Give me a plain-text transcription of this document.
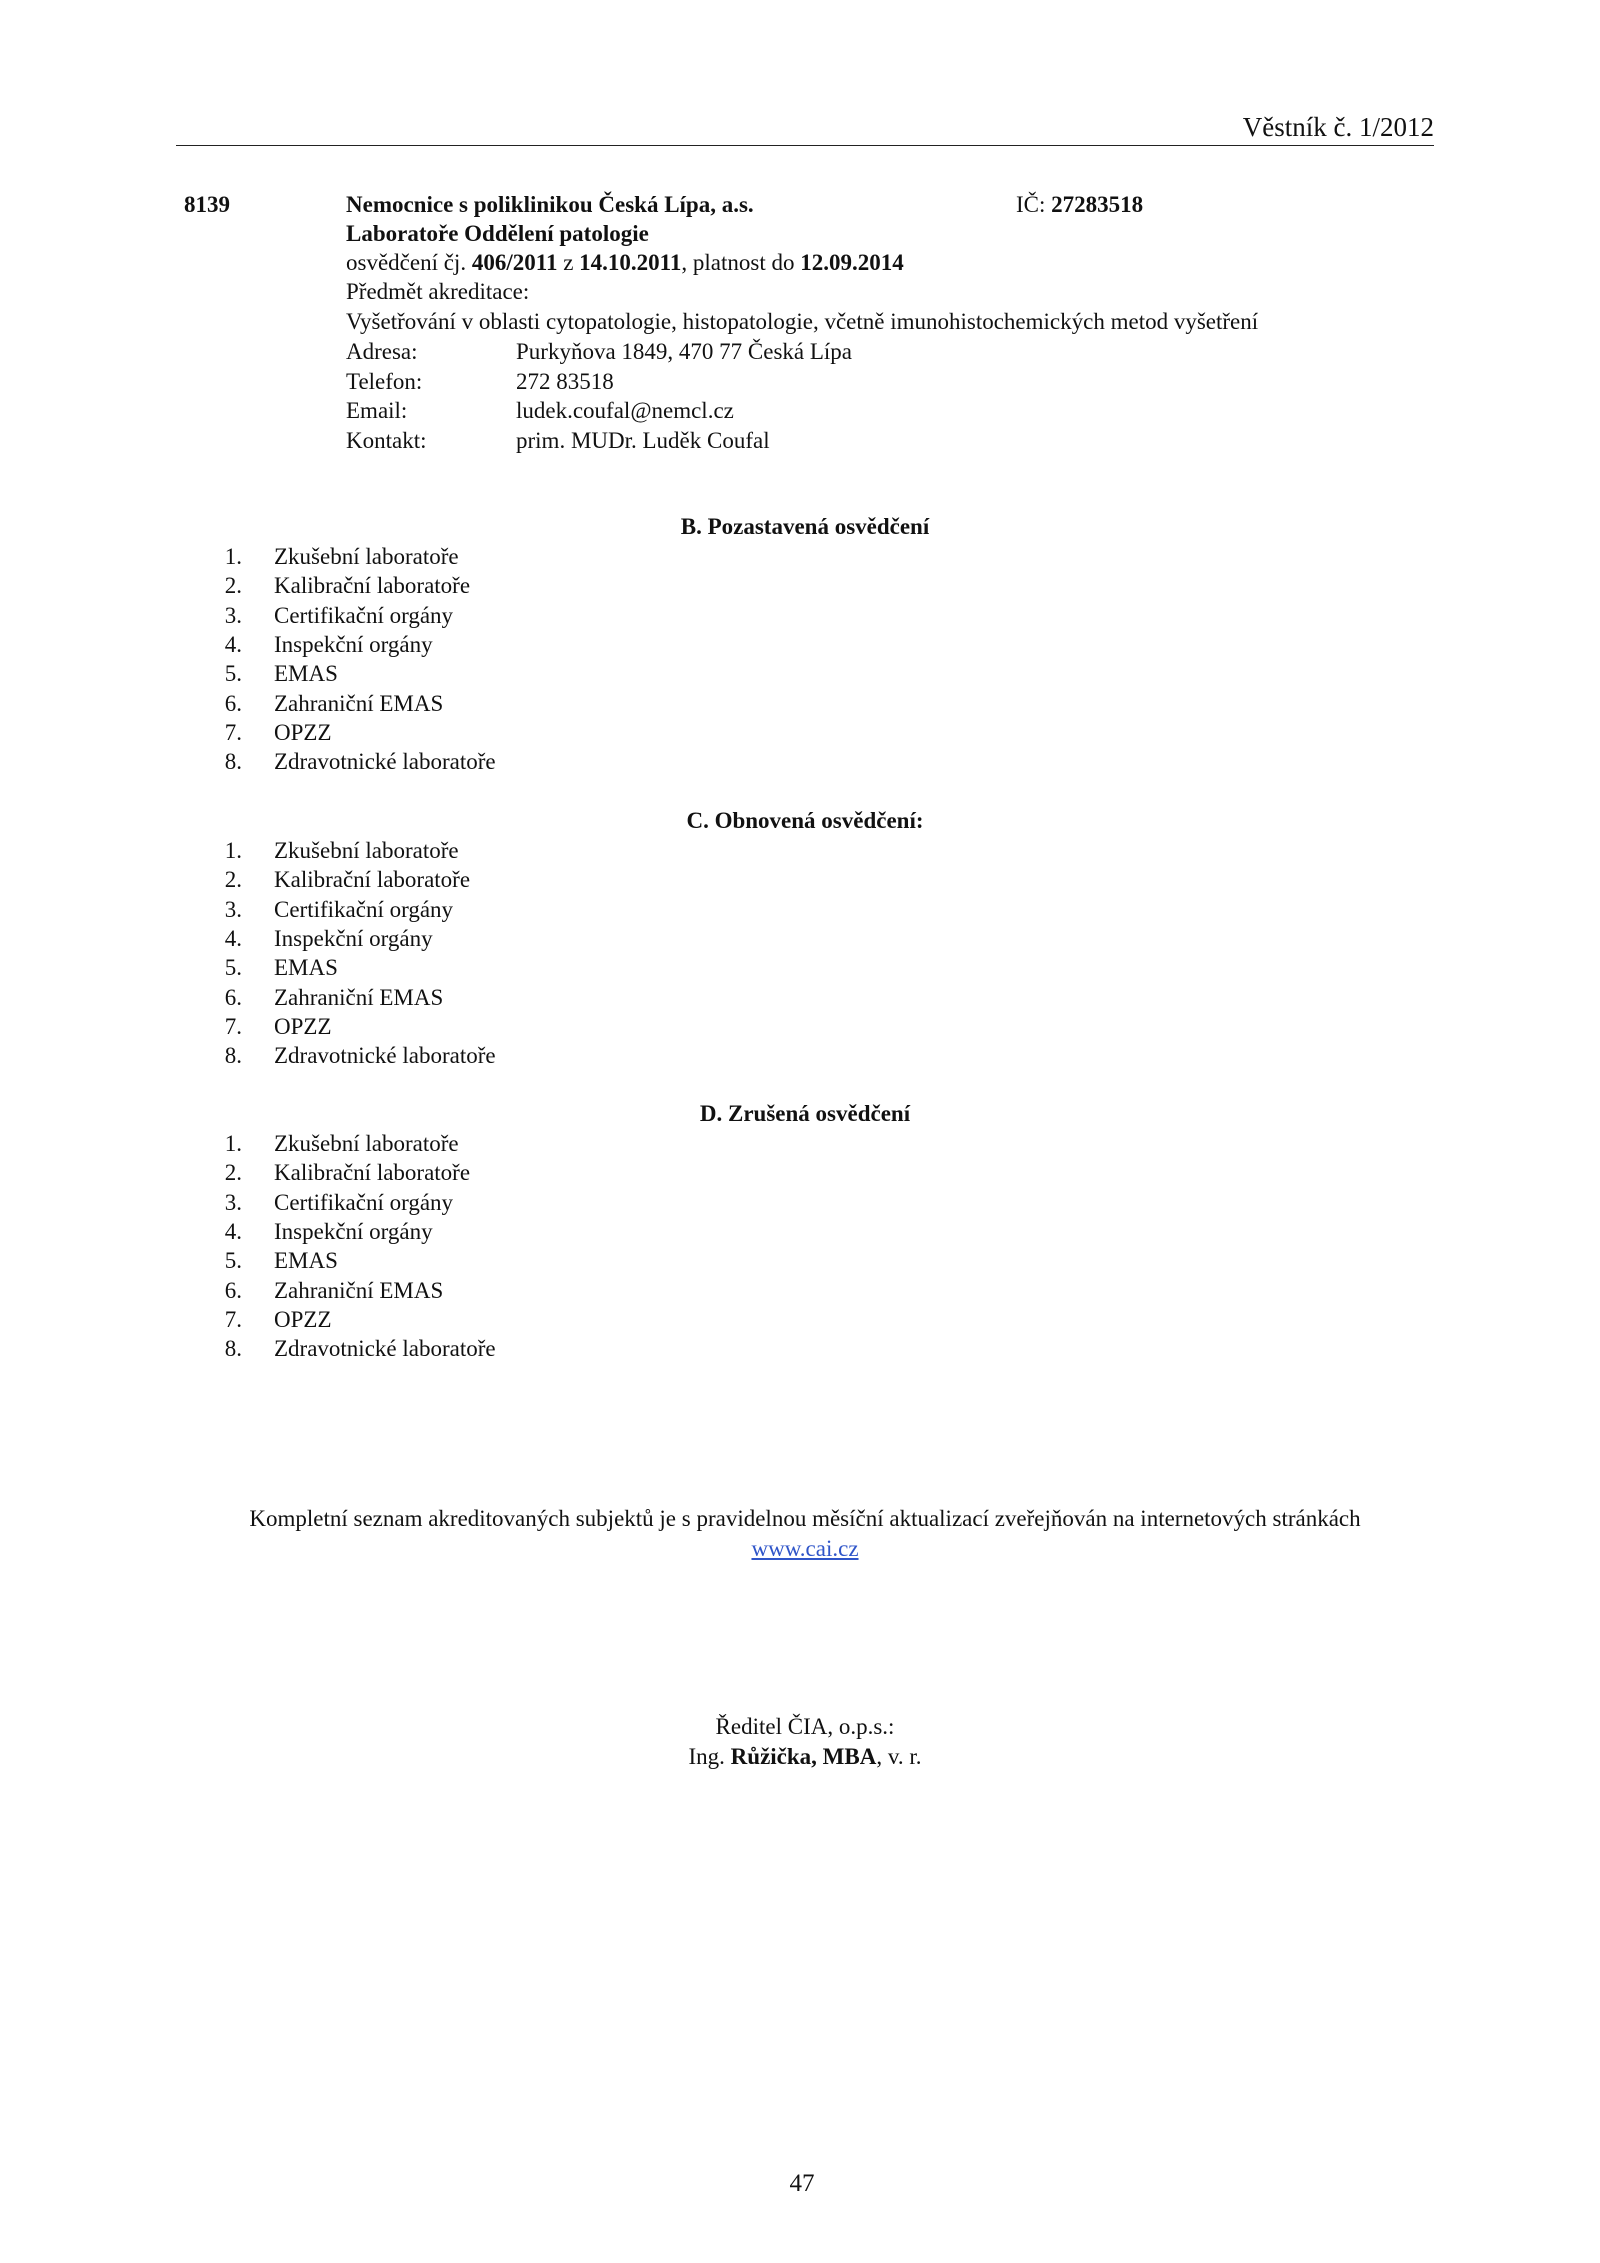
Věstník č. 1/2012
8139	Nemocnice s poliklinikou Česká Lípa, a.s.	IČ: 27283518
Laboratoře Oddělení patologie
osvědčení čj. 406/2011 z 14.10.2011, platnost do 12.09.2014
Předmět akreditace:
Vyšetřování v oblasti cytopatologie, histopatologie, včetně imunohistochemických metod vyšetření
Adresa:	Purkyňova 1849, 470 77 Česká Lípa
Telefon:	272 83518
Email:	ludek.coufal@nemcl.cz
Kontakt:	prim. MUDr. Luděk Coufal
B. Pozastavená osvědčení
1. Zkušební laboratoře
2. Kalibrační laboratoře
3. Certifikační orgány
4. Inspekční orgány
5. EMAS
6. Zahraniční EMAS
7. OPZZ
8. Zdravotnické laboratoře
C. Obnovená osvědčení:
1. Zkušební laboratoře
2. Kalibrační laboratoře
3. Certifikační orgány
4. Inspekční orgány
5. EMAS
6. Zahraniční EMAS
7. OPZZ
8. Zdravotnické laboratoře
D. Zrušená osvědčení
1. Zkušební laboratoře
2. Kalibrační laboratoře
3. Certifikační orgány
4. Inspekční orgány
5. EMAS
6. Zahraniční EMAS
7. OPZZ
8. Zdravotnické laboratoře
Kompletní seznam akreditovaných subjektů je s pravidelnou měsíční aktualizací zveřejňován na internetových stránkách
www.cai.cz
Ředitel ČIA, o.p.s.:
Ing. Růžička, MBA, v. r.
47
